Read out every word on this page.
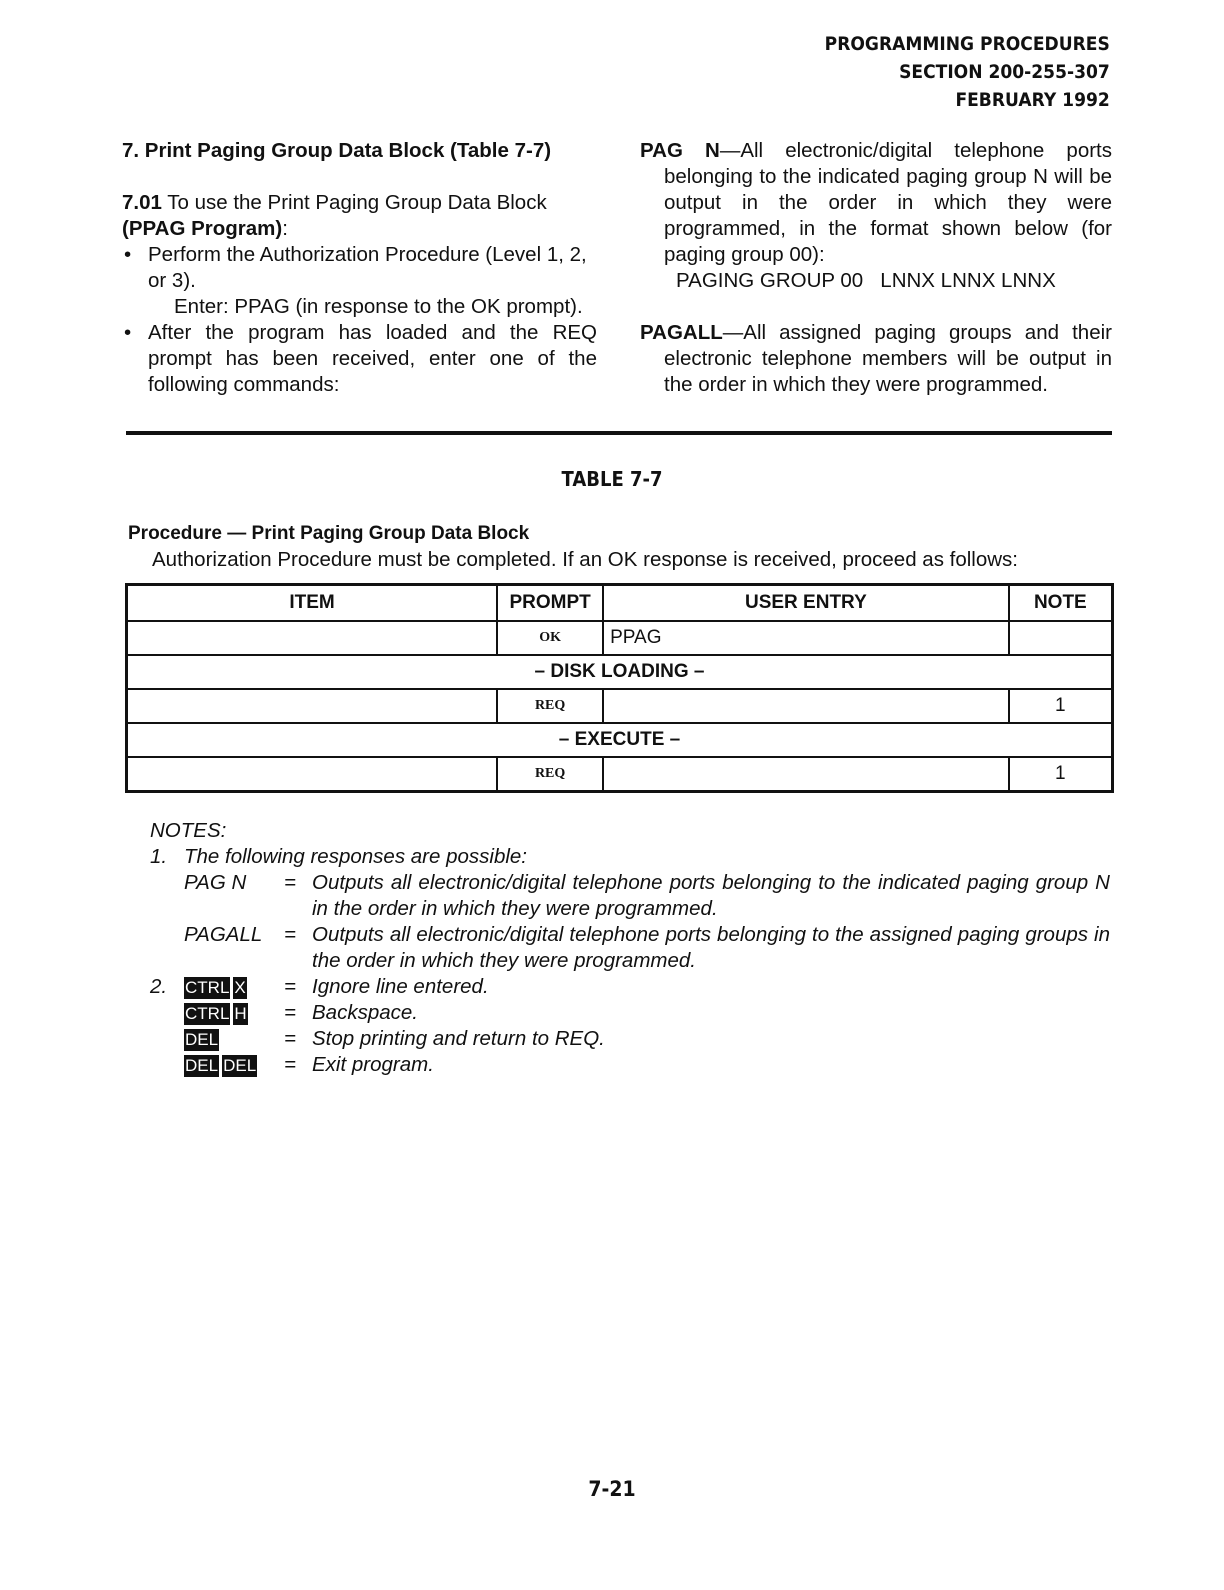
PROGRAMMING PROCEDURES
SECTION 200-255-307
FEBRUARY 1992

7. Print Paging Group Data Block (Table 7-7)

7.01 To use the Print Paging Group Data Block
(PPAG Program):

• Perform the Authorization Procedure (Level 1, 2, or 3).

Enter: PPAG (in response to the OK prompt).

• After the program has loaded and the REQ prompt has been received, enter one of the following commands:

PAG N—All electronic/digital telephone ports belonging to the indicated paging group N will be output in the order in which they were programmed, in the format shown below (for paging group 00):
PAGING GROUP 00   LNNX LNNX LNNX
PAGALL—All assigned paging groups and their electronic telephone members will be output in the order in which they were programmed.
TABLE 7-7
Procedure — Print Paging Group Data Block
Authorization Procedure must be completed. If an OK response is received, proceed as follows:
ITEM	PROMPT	USER ENTRY	NOTE
	OK	PPAG	
– DISK LOADING –			
	REQ		1
– EXECUTE –			
	REQ		1
NOTES:
1. The following responses are possible:
PAG N	= Outputs all electronic/digital telephone ports belonging to the indicated paging group N in the order in which they were programmed.
PAGALL	= Outputs all electronic/digital telephone ports belonging to the assigned paging groups in the order in which they were programmed.
2.	CTRL X	= Ignore line entered.
CTRL H	= Backspace.
DEL	= Stop printing and return to REQ.
DEL DEL	= Exit program.
7-21
